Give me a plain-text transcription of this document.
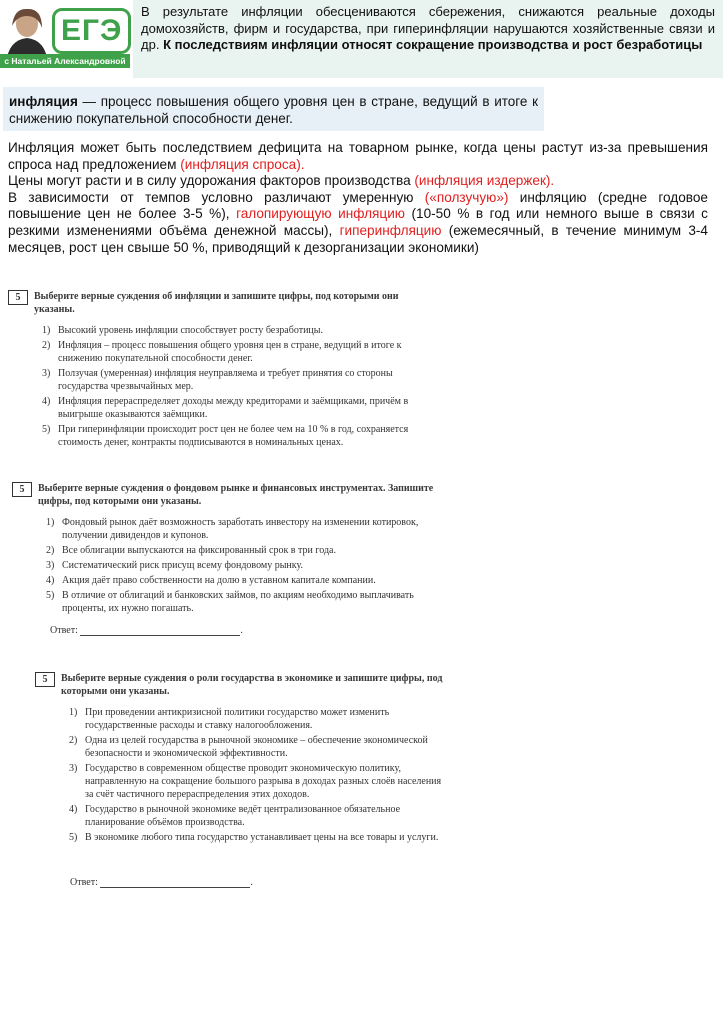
ЕГЭ
с Натальей Александровной
В результате инфляции обесцениваются сбережения, снижаются реальные доходы домохозяйств, фирм и государства, при гиперинфляции нарушаются хозяйственные связи и др. К последствиям инфляции относят сокращение производства и рост безработицы
инфляция — процесс повышения общего уровня цен в стране, ведущий в итоге к снижению покупательной способности денег.

Инфляция может быть последствием дефицита на товарном рынке, когда цены растут из-за превышения спроса над предложением (инфляция спроса).

Цены могут расти и в силу удорожания факторов производства (инфляция издержек).

В зависимости от темпов условно различают умеренную («ползучую») инфляцию (средне годовое повышение цен не более 3-5 %), галопирующую инфляцию (10-50 % в год или немного выше в связи с резкими изменениями объёма денежной массы), гиперинфляцию (ежемесячный, в течение минимум 3-4 месяцев, рост цен свыше 50 %, приводящий к дезорганизации экономики)

5	Выберите верные суждения об инфляции и запишите цифры, под которыми они указаны.
1) Высокий уровень инфляции способствует росту безработицы.
2) Инфляция – процесс повышения общего уровня цен в стране, ведущий в итоге к снижению покупательной способности денег.
3) Ползучая (умеренная) инфляция неуправляема и требует принятия со стороны государства чрезвычайных мер.
4) Инфляция перераспределяет доходы между кредиторами и заёмщиками, причём в выигрыше оказываются заёмщики.
5) При гиперинфляции происходит рост цен не более чем на 10 % в год, сохраняется стоимость денег, контракты подписываются в номинальных ценах.
5	Выберите верные суждения о фондовом рынке и финансовых инструментах. Запишите цифры, под которыми они указаны.
1) Фондовый рынок даёт возможность заработать инвестору на изменении котировок, получении дивидендов и купонов.
2) Все облигации выпускаются на фиксированный срок в три года.
3) Систематический риск присущ всему фондовому рынку.
4) Акция даёт право собственности на долю в уставном капитале компании.
5) В отличие от облигаций и банковских займов, по акциям необходимо выплачивать проценты, их нужно погашать.
Ответ:	.
5	Выберите верные суждения о роли государства в экономике и запишите цифры, под которыми они указаны.
1) При проведении антикризисной политики государство может изменить государственные расходы и ставку налогообложения.
2) Одна из целей государства в рыночной экономике – обеспечение экономической безопасности и экономической эффективности.
3) Государство в современном обществе проводит экономическую политику, направленную на сокращение большого разрыва в доходах разных слоёв населения за счёт частичного перераспределения этих доходов.
4) Государство в рыночной экономике ведёт централизованное обязательное планирование объёмов производства.
5) В экономике любого типа государство устанавливает цены на все товары и услуги.
Ответ:	.
